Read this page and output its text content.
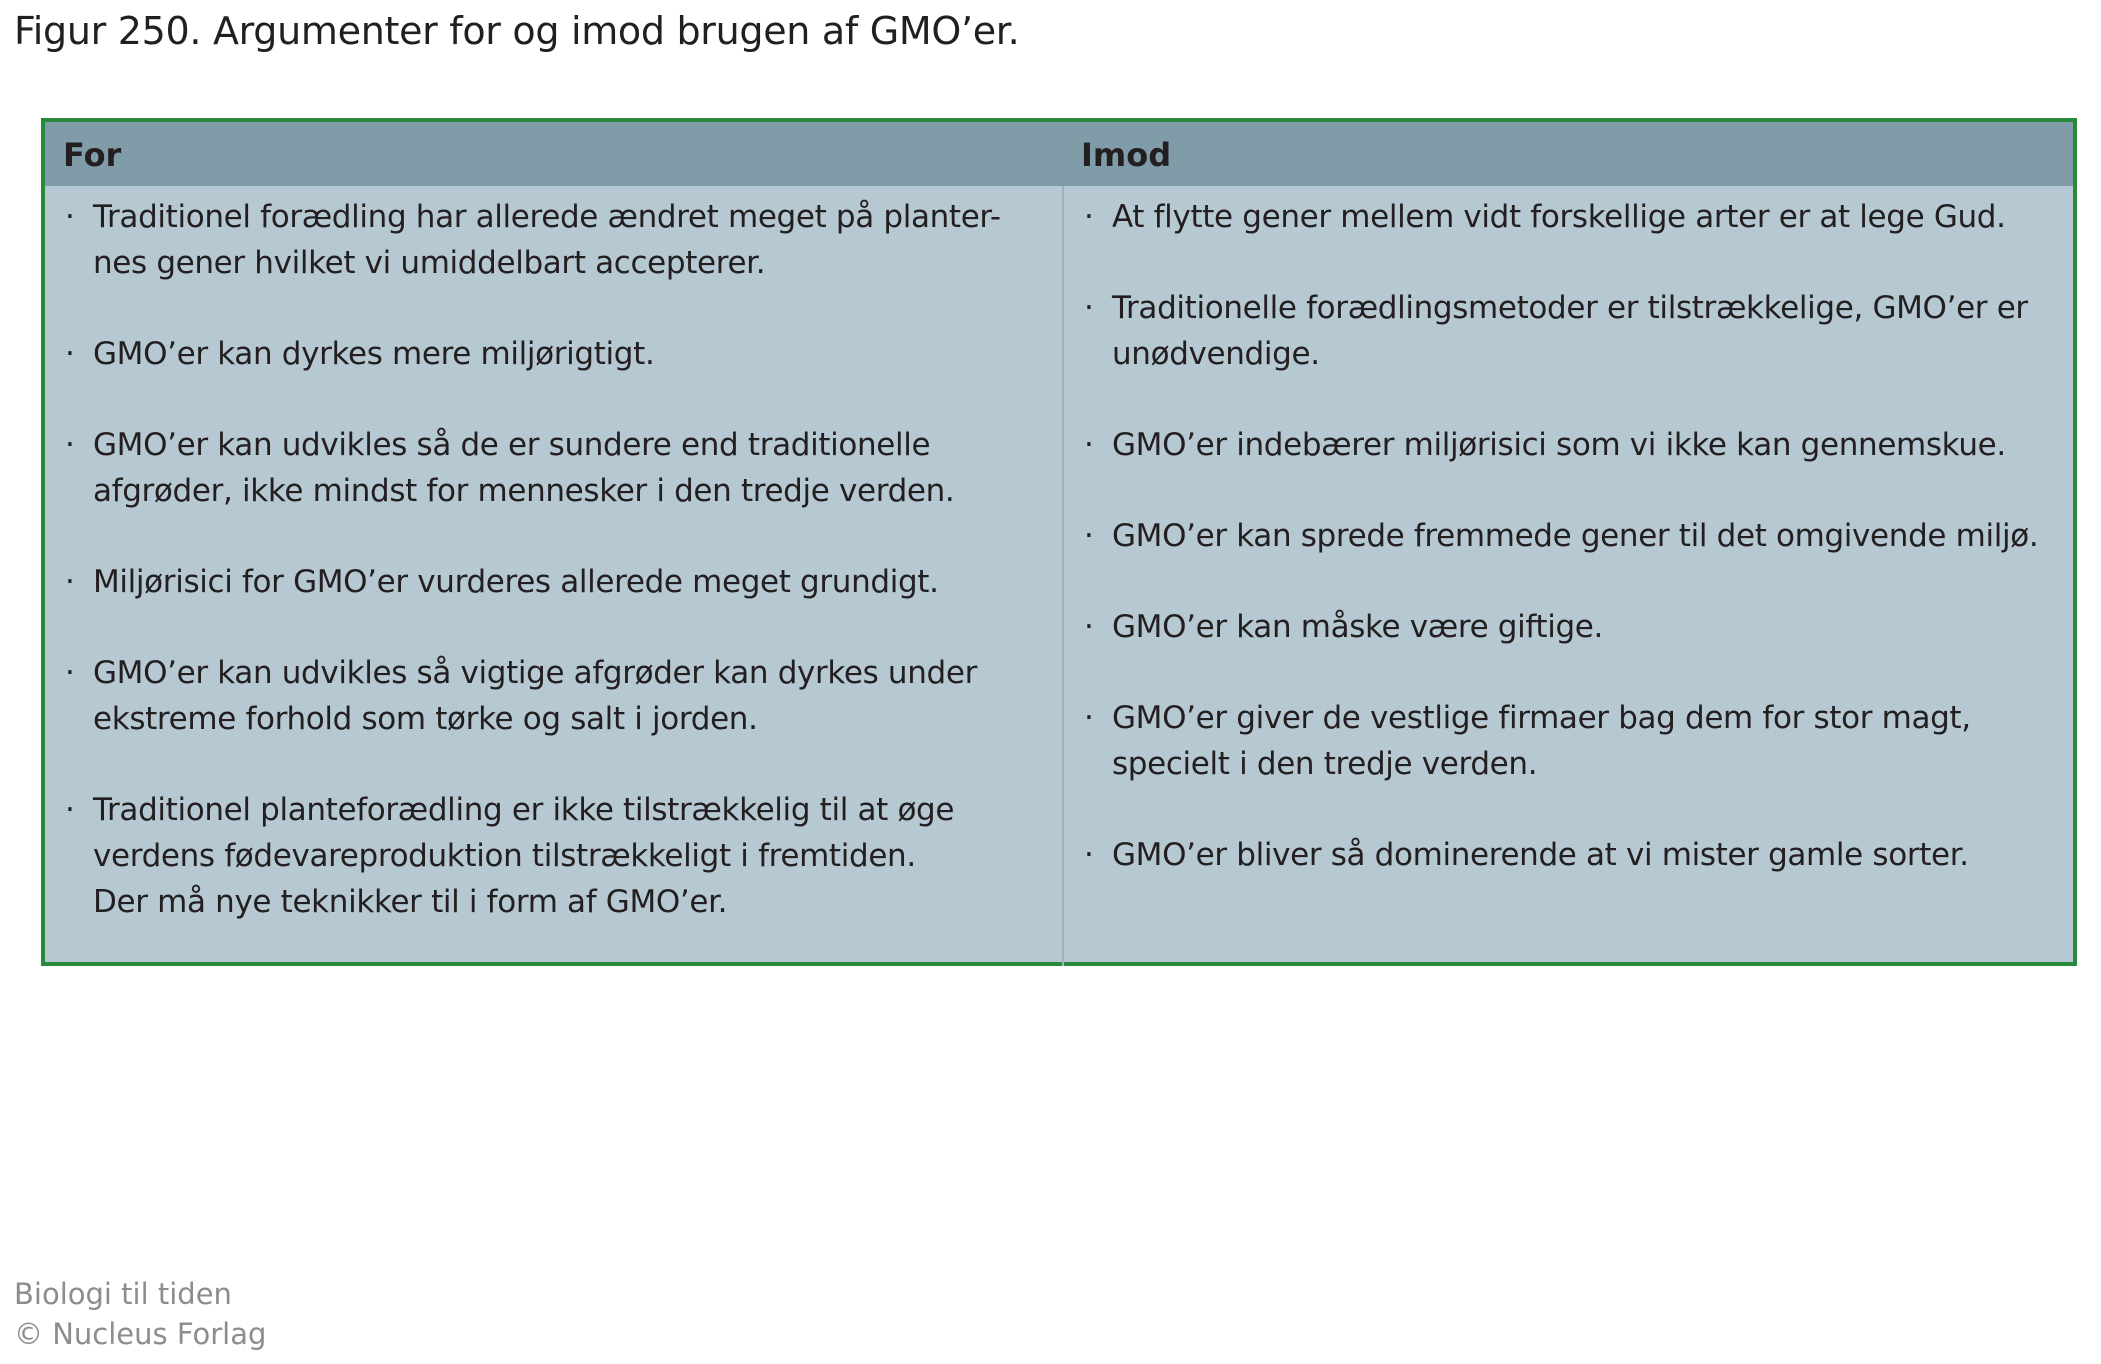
Figur 250. Argumenter for og imod brugen af GMO’er.
For	Imod
· Traditionel forædling har allerede ændret meget på planter-
nes gener hvilket vi umiddelbart accepterer.
· GMO’er kan dyrkes mere miljørigtigt.
· GMO’er kan udvikles så de er sundere end traditionelle
afgrøder, ikke mindst for mennesker i den tredje verden.
· Miljørisici for GMO’er vurderes allerede meget grundigt.
· GMO’er kan udvikles så vigtige afgrøder kan dyrkes under
ekstreme forhold som tørke og salt i jorden.
· Traditionel planteforædling er ikke tilstrækkelig til at øge
verdens fødevareproduktion tilstrækkeligt i fremtiden.
Der må nye teknikker til i form af GMO’er.
· At flytte gener mellem vidt forskellige arter er at lege Gud.
· Traditionelle forædlingsmetoder er tilstrækkelige, GMO’er er
unødvendige.
· GMO’er indebærer miljørisici som vi ikke kan gennemskue.
· GMO’er kan sprede fremmede gener til det omgivende miljø.
· GMO’er kan måske være giftige.
· GMO’er giver de vestlige firmaer bag dem for stor magt,
specielt i den tredje verden.
· GMO’er bliver så dominerende at vi mister gamle sorter.
Biologi til tiden
© Nucleus Forlag
